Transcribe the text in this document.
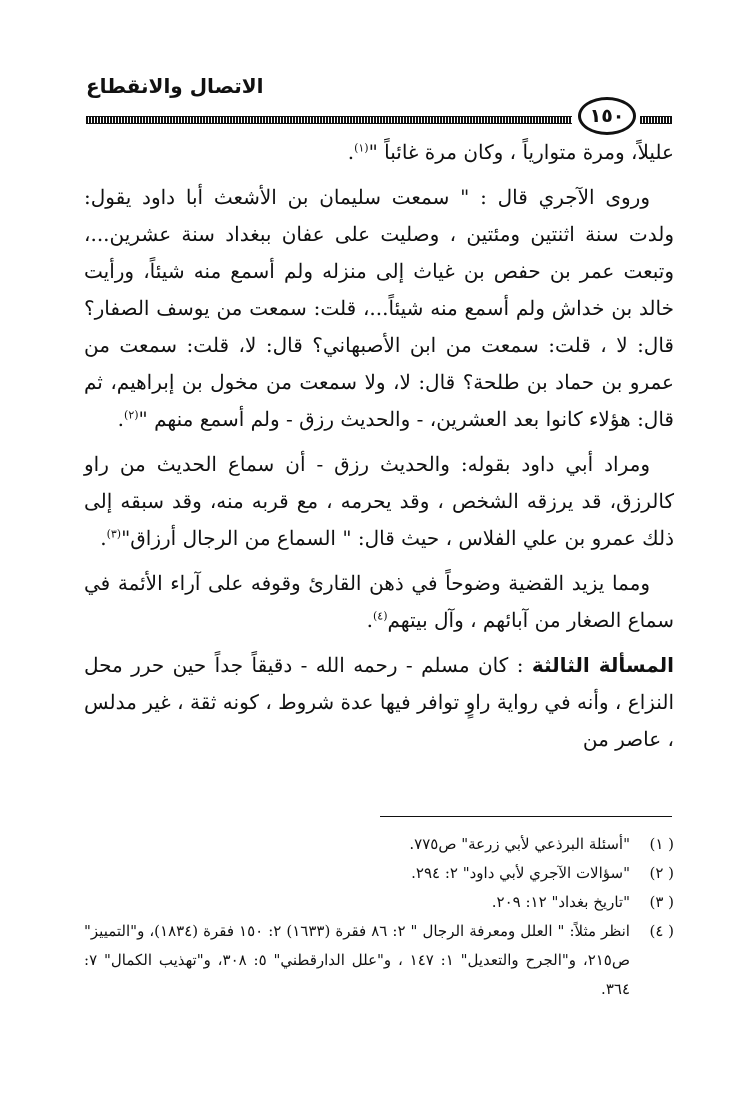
الاتصال والانقطاع
١٥٠

عليلاً، ومرة متوارياً ، وكان مرة غائباً "$^{(١)}$.

وروى الآجري قال : " سمعت سليمان بن الأشعث أبا داود يقول: ولدت سنة اثنتين ومئتين ، وصليت على عفان ببغداد سنة عشرين...، وتبعت عمر بن حفص بن غياث إلى منزله ولم أسمع منه شيئاً، ورأيت خالد بن خداش ولم أسمع منه شيئاً...، قلت: سمعت من يوسف الصفار؟ قال: لا ، قلت: سمعت من ابن الأصبهاني؟ قال: لا، قلت: سمعت من عمرو بن حماد بن طلحة؟ قال: لا، ولا سمعت من مخول بن إبراهيم، ثم قال: هؤلاء كانوا بعد العشرين، - والحديث رزق - ولم أسمع منهم "$^{(٢)}$.

ومراد أبي داود بقوله: والحديث رزق - أن سماع الحديث من راو كالرزق، قد يرزقه الشخص ، وقد يحرمه ، مع قربه منه، وقد سبقه إلى ذلك عمرو بن علي الفلاس ، حيث قال: " السماع من الرجال أرزاق"$^{(٣)}$.

ومما يزيد القضية وضوحاً في ذهن القارئ وقوفه على آراء الأئمة في سماع الصغار من آبائهم ، وآل بيتهم$^{(٤)}$.

المسألة الثالثة : كان مسلم - رحمه الله - دقيقاً جداً حين حرر محل النزاع ، وأنه في رواية راوٍ توافر فيها عدة شروط ، كونه ثقة ، غير مدلس ، عاصر من

( ١)
"أسئلة البرذعي لأبي زرعة" ص٧٧٥.
( ٢)
"سؤالات الآجري لأبي داود" ٢: ٢٩٤.
( ٣)
"تاريخ بغداد" ١٢: ٢٠٩.
( ٤)
انظر مثلاً: " العلل ومعرفة الرجال " ٢: ٨٦ فقرة (١٦٣٣) ٢: ١٥٠ فقرة (١٨٣٤)، و"التمييز" ص٢١٥، و"الجرح والتعديل" ١: ١٤٧ ، و"علل الدارقطني" ٥: ٣٠٨، و"تهذيب الكمال" ٧: ٣٦٤.
